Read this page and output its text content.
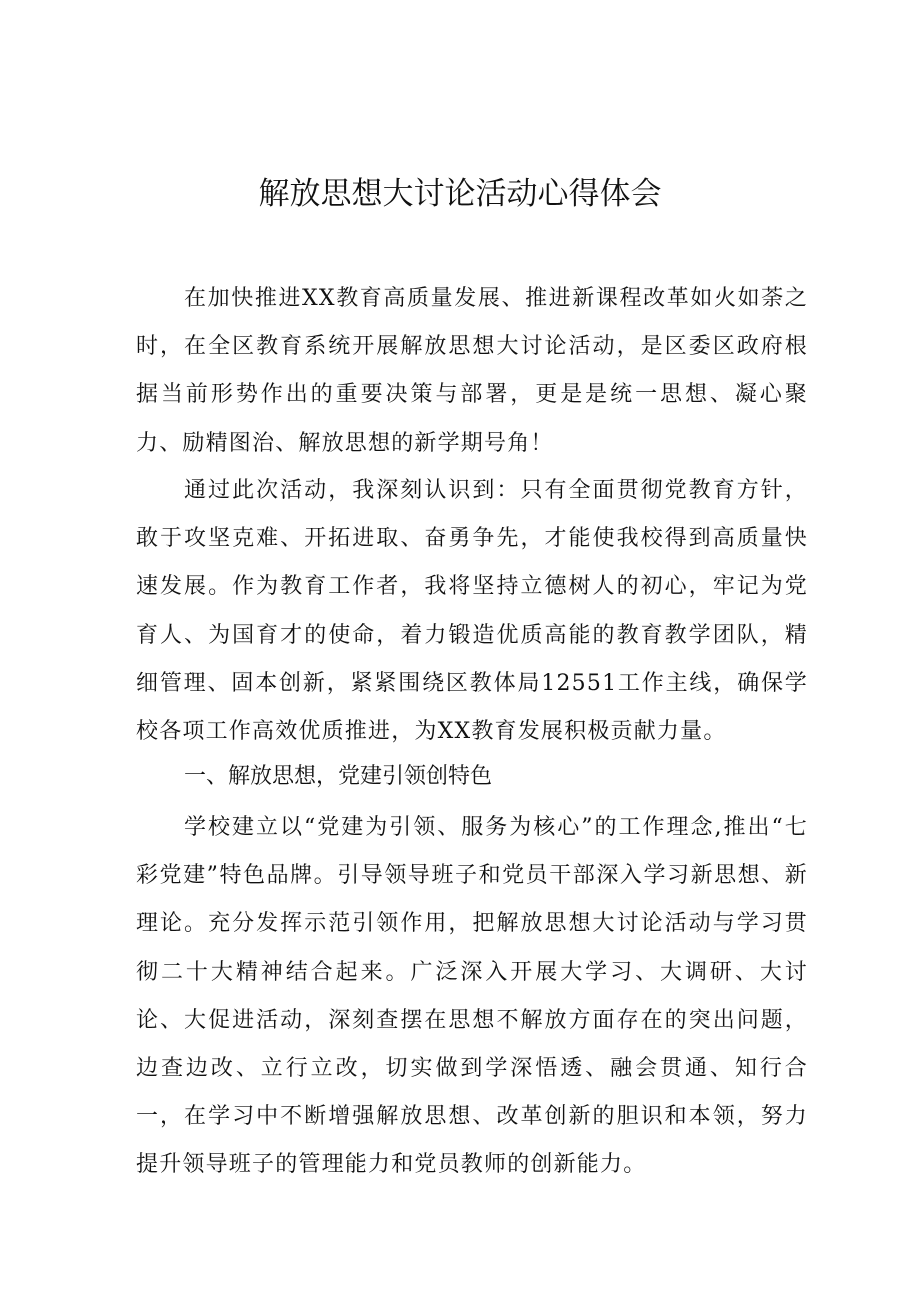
解放思想大讨论活动心得体会

在加快推进XX教育高质量发展、推进新课程改革如火如荼之时，在全区教育系统开展解放思想大讨论活动，是区委区政府根据当前形势作出的重要决策与部署，更是是统一思想、凝心聚力、励精图治、解放思想的新学期号角！

通过此次活动，我深刻认识到：只有全面贯彻党教育方针，敢于攻坚克难、开拓进取、奋勇争先，才能使我校得到高质量快速发展。作为教育工作者，我将坚持立德树人的初心，牢记为党育人、为国育才的使命，着力锻造优质高能的教育教学团队，精细管理、固本创新，紧紧围绕区教体局12551工作主线，确保学校各项工作高效优质推进，为XX教育发展积极贡献力量。

一、解放思想，党建引领创特色

学校建立以“党建为引领、服务为核心”的工作理念,推出“七彩党建”特色品牌。引导领导班子和党员干部深入学习新思想、新理论。充分发挥示范引领作用，把解放思想大讨论活动与学习贯彻二十大精神结合起来。广泛深入开展大学习、大调研、大讨论、大促进活动，深刻查摆在思想不解放方面存在的突出问题，边查边改、立行立改，切实做到学深悟透、融会贯通、知行合一，在学习中不断增强解放思想、改革创新的胆识和本领，努力提升领导班子的管理能力和党员教师的创新能力。
